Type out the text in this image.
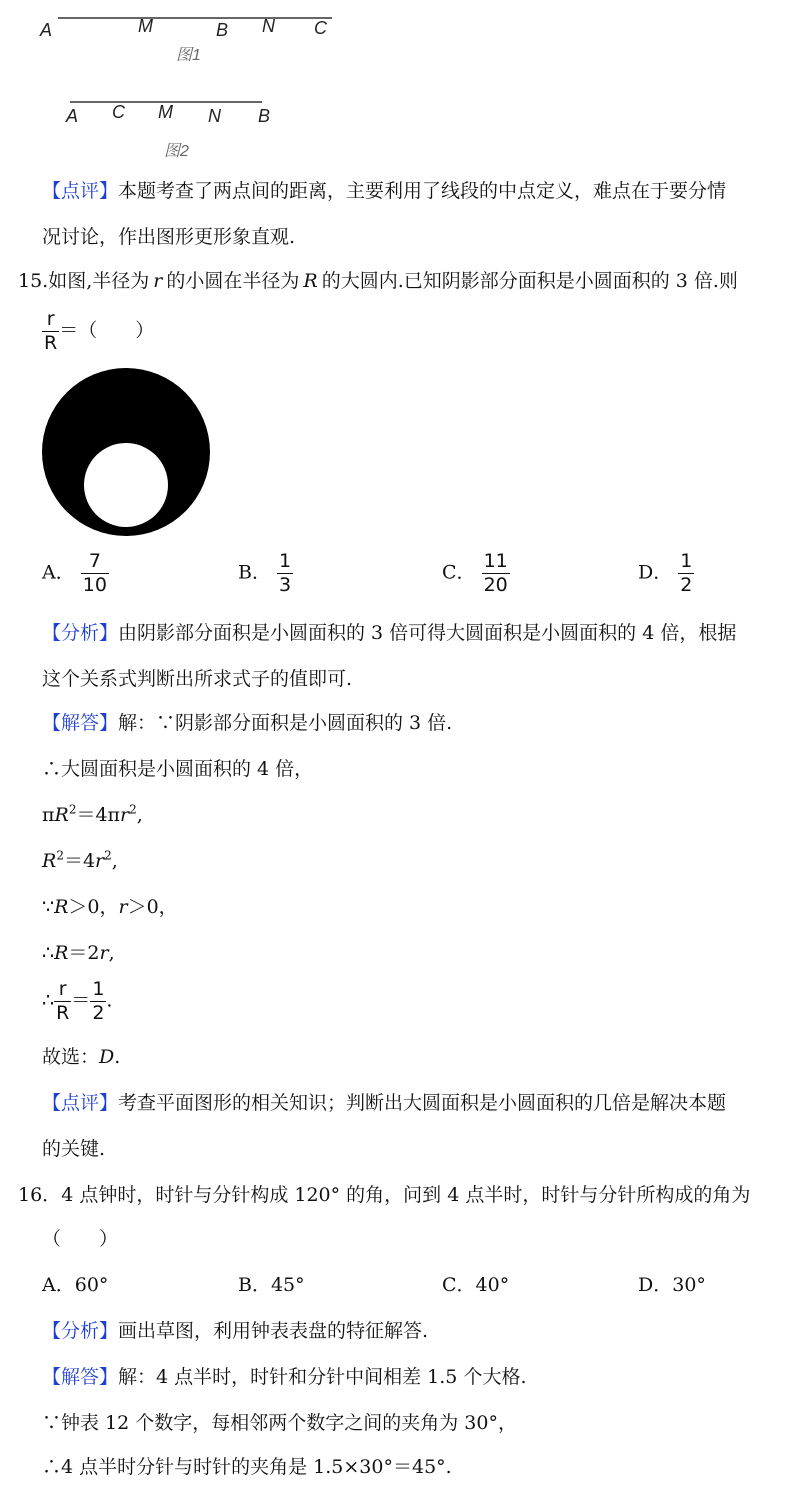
A	M	B N C
图1
A C M N B
图2
【点评】本题考查了两点间的距离，主要利用了线段的中点定义，难点在于要分情
况讨论，作出图形更形象直观.
15.如图,半径为 r 的小圆在半径为 R 的大圆内.已知阴影部分面积是小圆面积的 3 倍.则
$\frac{r}{R}$ ＝（　　）
A． $\frac{7}{10}$	B． $\frac{1}{3}$	C． $\frac{11}{20}$	D． $\frac{1}{2}$
【分析】由阴影部分面积是小圆面积的 3 倍可得大圆面积是小圆面积的 4 倍，根据
这个关系式判断出所求式子的值即可.
【解答】解：∵阴影部分面积是小圆面积的 3 倍.
∴大圆面积是小圆面积的 4 倍，
$\pi R^2=4\pi r^2$,
$R^2=4r^2$,
∵R＞0，r＞0，
∴R＝2r,
∴ $\frac{r}{R} = \frac{1}{2}$ .
故选：D.
【点评】考查平面图形的相关知识；判断出大圆面积是小圆面积的几倍是解决本题
的关键.
16．4 点钟时，时针与分针构成 120° 的角，问到 4 点半时，时针与分针所构成的角为
（　　）
A．60°	B．45°	C．40°	D．30°
【分析】画出草图，利用钟表表盘的特征解答.
【解答】解：4 点半时，时针和分针中间相差 1.5 个大格.
∵钟表 12 个数字，每相邻两个数字之间的夹角为 30°，
∴4 点半时分针与时针的夹角是 1.5×30°＝45°.
